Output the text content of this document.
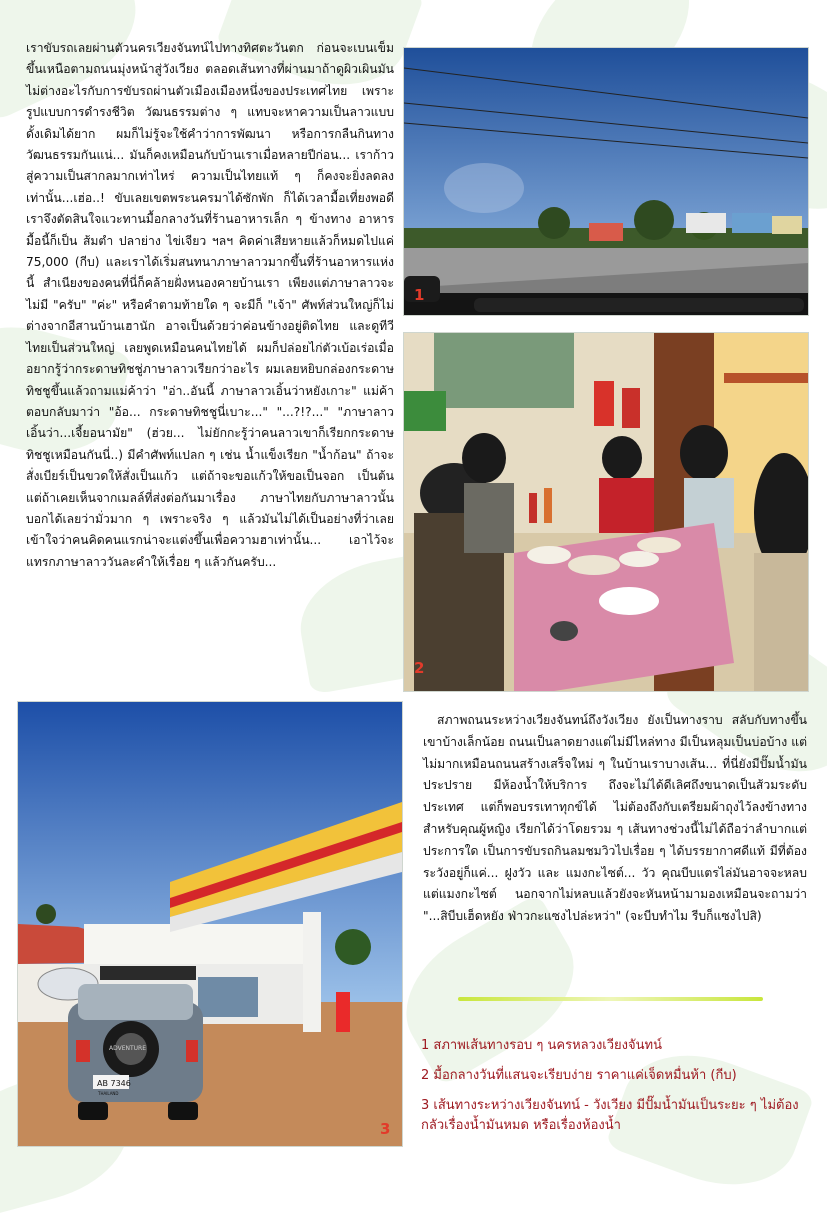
เราขับรถเลยผ่านตัวนครเวียงจันทน์ไปทางทิศตะวันตก ก่อนจะเบนเข็มขึ้นเหนือตามถนนมุ่งหน้าสู่วังเวียง ตลอดเส้นทางที่ผ่านมาถ้าดูผิวเผินมันไม่ต่างอะไรกับการขับรถผ่านตัวเมืองเมืองหนึ่งของประเทศไทย เพราะรูปแบบการดำรงชีวิต วัฒนธรรมต่าง ๆ แทบจะหาความเป็นลาวแบบดั้งเดิมได้ยาก ผมก็ไม่รู้จะใช้คำว่าการพัฒนา หรือการกลืนกินทางวัฒนธรรมกันแน่... มันก็คงเหมือนกับบ้านเราเมื่อหลายปีก่อน... เราก้าวสู่ความเป็นสากลมากเท่าไหร่ ความเป็นไทยแท้ ๆ ก็คงจะยิ่งลดลงเท่านั้น...เฮ่อ..! ขับเลยเขตพระนครมาได้ซักพัก ก็ได้เวลามื้อเที่ยงพอดี เราจึงตัดสินใจแวะทานมื้อกลางวันที่ร้านอาหารเล็ก ๆ ข้างทาง อาหารมื้อนี้ก็เป็น ส้มตำ ปลาย่าง ไข่เจียว ฯลฯ คิดค่าเสียหายแล้วก็หมดไปแค่ 75,000 (กีบ) และเราได้เริ่มสนทนาภาษาลาวมากขึ้นที่ร้านอาหารแห่งนี้ สำเนียงของคนที่นี่ก็คล้ายฝั่งหนองคายบ้านเรา เพียงแต่ภาษาลาวจะไม่มี "ครับ" "ค่ะ" หรือคำตามท้ายใด ๆ จะมีก็ "เจ้า" ศัพท์ส่วนใหญ่ก็ไม่ต่างจากอีสานบ้านเฮานัก อาจเป็นด้วยว่าค่อนข้างอยู่ติดไทย และดูทีวีไทยเป็นส่วนใหญ่ เลยพูดเหมือนคนไทยได้ ผมก็ปล่อยไก่ตัวเบ้อเร่อเมื่ออยากรู้ว่ากระดาษทิชชู่ภาษาลาวเรียกว่าอะไร ผมเลยหยิบกล่องกระดาษทิชชูขึ้นแล้วถามแม่ค้าว่า "อ่า..อันนี้ ภาษาลาวเอิ้นว่าหยังเกาะ" แม่ค้าตอบกลับมาว่า "อ้อ... กระดาษทิชชูนี่เบาะ..." "...?!?..." "ภาษาลาวเอิ้นว่า...เจี้ยอนามัย" (ฮ่วย... ไม่ยักกะรู้ว่าคนลาวเขาก็เรียกกระดาษทิชชูเหมือนกันนี่..) มีคำศัพท์แปลก ๆ เช่น น้ำแข็งเรียก "น้ำก้อน" ถ้าจะสั่งเบียร์เป็นขวดให้สั่งเป็นแก้ว แต่ถ้าจะขอแก้วให้ขอเป็นจอก เป็นต้น แต่ถ้าเคยเห็นจากเมลล์ที่ส่งต่อกันมาเรื่อง ภาษาไทยกับภาษาลาวนั้น บอกได้เลยว่ามั่วมาก ๆ เพราะจริง ๆ แล้วมันไม่ได้เป็นอย่างที่ว่าเลย เข้าใจว่าคนคิดคนแรกน่าจะแต่งขึ้นเพื่อความฮาเท่านั้น... เอาไว้จะแทรกภาษาลาววันละคำให้เรื่อย ๆ แล้วกันครับ...

1
2
AB 7346
THAILAND
ADVENTURE
3

สภาพถนนระหว่างเวียงจันทน์ถึงวังเวียง ยังเป็นทางราบ สลับกับทางขึ้นเขาบ้างเล็กน้อย ถนนเป็นลาดยางแต่ไม่มีไหล่ทาง มีเป็นหลุมเป็นบ่อบ้าง แต่ไม่มากเหมือนถนนสร้างเสร็จใหม่ ๆ ในบ้านเราบางเส้น... ที่นี่ยังมีปั๊มน้ำมันประปราย มีห้องน้ำให้บริการ ถึงจะไม่ได้ดีเลิศถึงขนาดเป็นส้วมระดับประเทศ แต่ก็พอบรรเทาทุกข์ได้ ไม่ต้องถึงกับเตรียมผ้าถุงไว้ลงข้างทางสำหรับคุณผู้หญิง เรียกได้ว่าโดยรวม ๆ เส้นทางช่วงนี้ไม่ได้ถือว่าลำบากแต่ประการใด เป็นการขับรถกินลมชมวิวไปเรื่อย ๆ ได้บรรยากาศดีแท้ มีที่ต้องระวังอยู่ก็แค่... ฝูงวัว และ แมงกะไซต์... วัว คุณบีบแตรไล่มันอาจจะหลบ แต่แมงกะไซต์ นอกจากไม่หลบแล้วยังจะหันหน้ามามองเหมือนจะถามว่า "...สิบีบเฮ็ดหยัง ฟ่าวกะแซงไปล่ะหว่า" (จะบีบทำไม รีบก็แซงไปสิ)

1 สภาพเส้นทางรอบ ๆ นครหลวงเวียงจันทน์
2 มื้อกลางวันที่แสนจะเรียบง่าย ราคาแค่เจ็ดหมื่นห้า (กีบ)
3 เส้นทางระหว่างเวียงจันทน์ - วังเวียง มีปั๊มน้ำมันเป็นระยะ ๆ ไม่ต้องกลัวเรื่องน้ำมันหมด หรือเรื่องห้องน้ำ
